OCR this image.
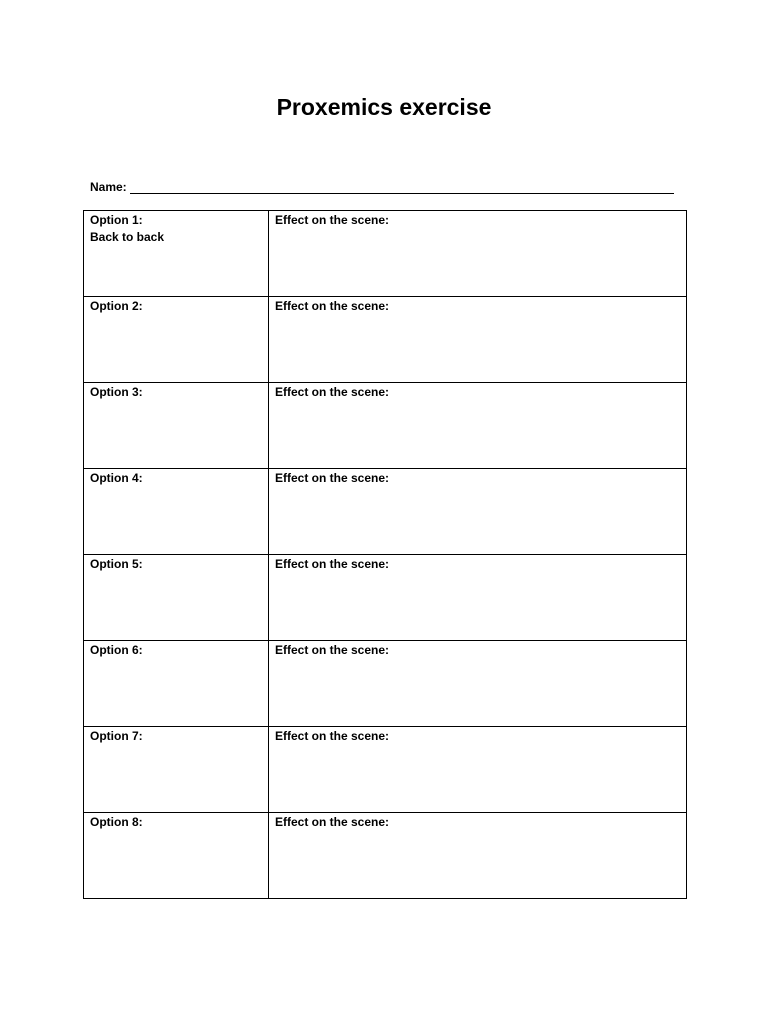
Proxemics exercise
Name:
Option 1:
Back to back	Effect on the scene:

Option 2:	Effect on the scene:

Option 3:	Effect on the scene:

Option 4:	Effect on the scene:

Option 5:	Effect on the scene:

Option 6:	Effect on the scene:

Option 7:	Effect on the scene:

Option 8:	Effect on the scene:
